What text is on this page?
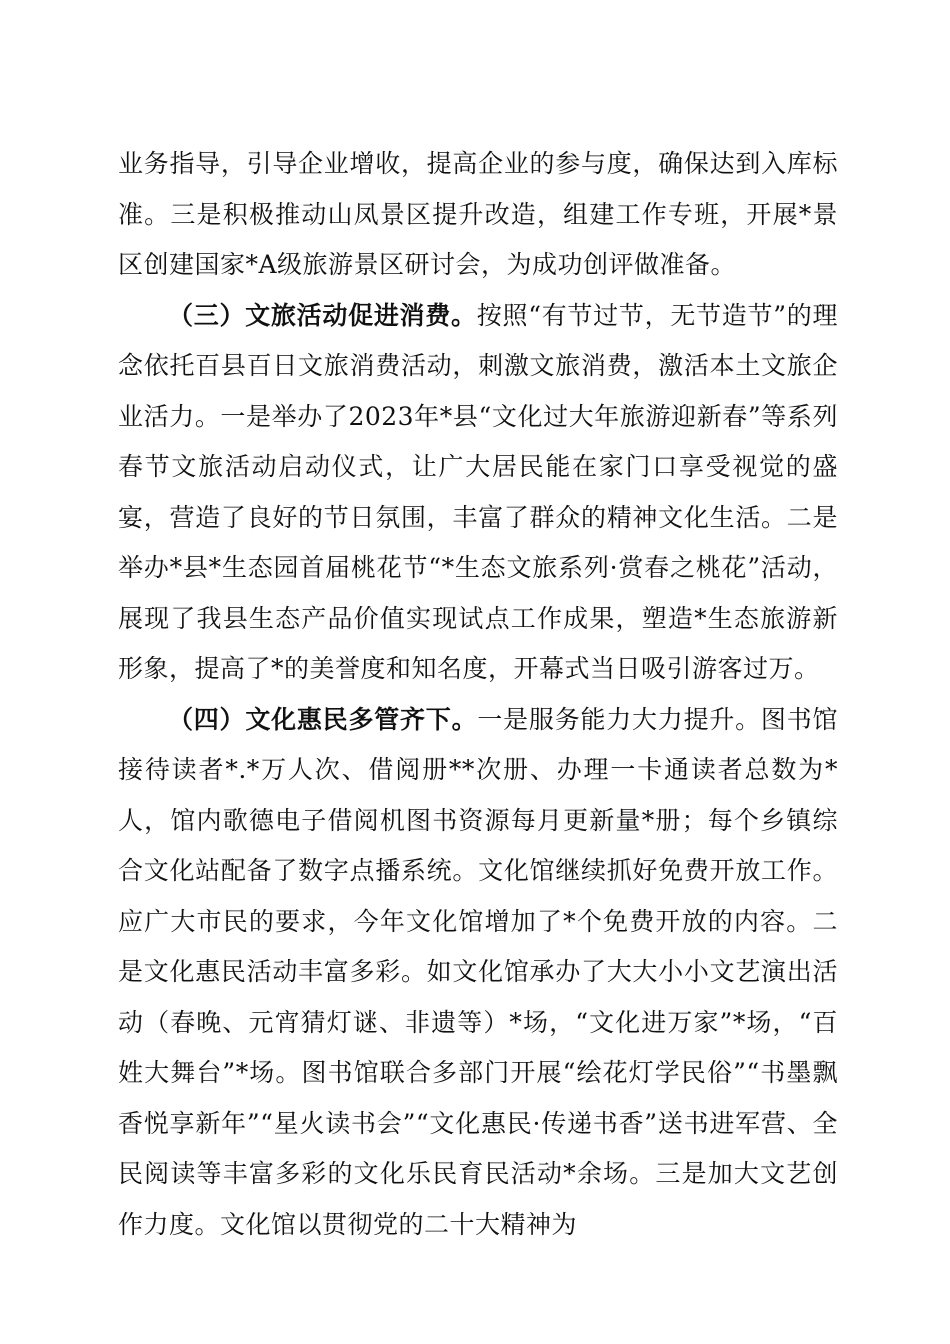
业务指导，引导企业增收，提高企业的参与度，确保达到入库标准。三是积极推动山凤景区提升改造，组建工作专班，开展*景区创建国家*A级旅游景区研讨会，为成功创评做准备。

（三）文旅活动促进消费。按照“有节过节，无节造节”的理念依托百县百日文旅消费活动，刺激文旅消费，激活本土文旅企业活力。一是举办了2023年*县“文化过大年旅游迎新春”等系列春节文旅活动启动仪式，让广大居民能在家门口享受视觉的盛宴，营造了良好的节日氛围，丰富了群众的精神文化生活。二是举办*县*生态园首届桃花节“*生态文旅系列·赏春之桃花”活动，展现了我县生态产品价值实现试点工作成果，塑造*生态旅游新形象，提高了*的美誉度和知名度，开幕式当日吸引游客过万。

（四）文化惠民多管齐下。一是服务能力大力提升。图书馆接待读者*.*万人次、借阅册**次册、办理一卡通读者总数为*人，馆内歌德电子借阅机图书资源每月更新量*册；每个乡镇综合文化站配备了数字点播系统。文化馆继续抓好免费开放工作。应广大市民的要求，今年文化馆增加了*个免费开放的内容。二是文化惠民活动丰富多彩。如文化馆承办了大大小小文艺演出活动（春晚、元宵猜灯谜、非遗等）*场，“文化进万家”*场，“百姓大舞台”*场。图书馆联合多部门开展“绘花灯学民俗”“书墨飘香悦享新年”“星火读书会”“文化惠民·传递书香”送书进军营、全民阅读等丰富多彩的文化乐民育民活动*余场。三是加大文艺创作力度。文化馆以贯彻党的二十大精神为
